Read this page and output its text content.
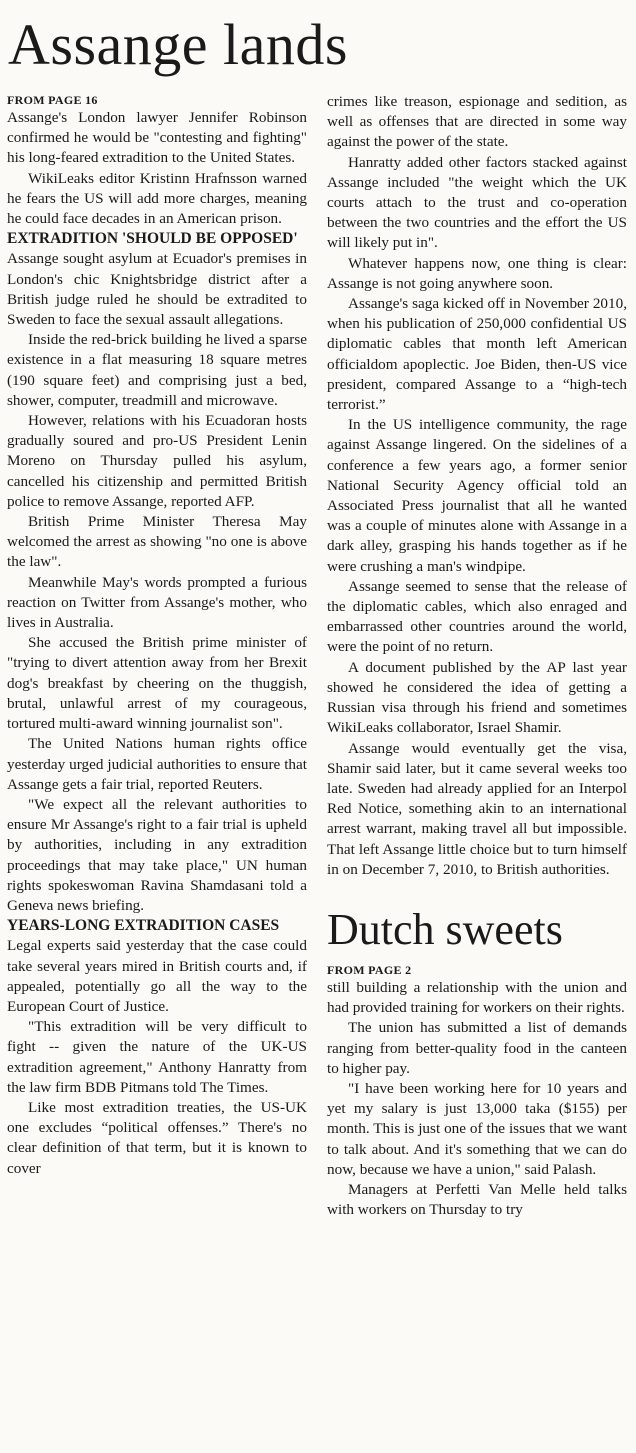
Assange lands
FROM PAGE 16

Assange's London lawyer Jennifer Robinson confirmed he would be "contesting and fighting" his long-feared extradition to the United States.

WikiLeaks editor Kristinn Hrafnsson warned he fears the US will add more charges, meaning he could face decades in an American prison.

EXTRADITION 'SHOULD BE OPPOSED'

Assange sought asylum at Ecuador's premises in London's chic Knightsbridge district after a British judge ruled he should be extradited to Sweden to face the sexual assault allegations.

Inside the red-brick building he lived a sparse existence in a flat measuring 18 square metres (190 square feet) and comprising just a bed, shower, computer, treadmill and microwave.

However, relations with his Ecuadoran hosts gradually soured and pro-US President Lenin Moreno on Thursday pulled his asylum, cancelled his citizenship and permitted British police to remove Assange, reported AFP.

British Prime Minister Theresa May welcomed the arrest as showing "no one is above the law".

Meanwhile May's words prompted a furious reaction on Twitter from Assange's mother, who lives in Australia.

She accused the British prime minister of "trying to divert attention away from her Brexit dog's breakfast by cheering on the thuggish, brutal, unlawful arrest of my courageous, tortured multi-award winning journalist son".

The United Nations human rights office yesterday urged judicial authorities to ensure that Assange gets a fair trial, reported Reuters.

"We expect all the relevant authorities to ensure Mr Assange's right to a fair trial is upheld by authorities, including in any extradition proceedings that may take place," UN human rights spokeswoman Ravina Shamdasani told a Geneva news briefing.

YEARS-LONG EXTRADITION CASES

Legal experts said yesterday that the case could take several years mired in British courts and, if appealed, potentially go all the way to the European Court of Justice.

"This extradition will be very difficult to fight -- given the nature of the UK-US extradition agreement," Anthony Hanratty from the law firm BDB Pitmans told The Times.

Like most extradition treaties, the US-UK one excludes “political offenses.” There's no clear definition of that term, but it is known to cover

crimes like treason, espionage and sedition, as well as offenses that are directed in some way against the power of the state.

Hanratty added other factors stacked against Assange included "the weight which the UK courts attach to the trust and co-operation between the two countries and the effort the US will likely put in".

Whatever happens now, one thing is clear: Assange is not going anywhere soon.

Assange's saga kicked off in November 2010, when his publication of 250,000 confidential US diplomatic cables that month left American officialdom apoplectic. Joe Biden, then-US vice president, compared Assange to a “high-tech terrorist.”

In the US intelligence community, the rage against Assange lingered. On the sidelines of a conference a few years ago, a former senior National Security Agency official told an Associated Press journalist that all he wanted was a couple of minutes alone with Assange in a dark alley, grasping his hands together as if he were crushing a man's windpipe.

Assange seemed to sense that the release of the diplomatic cables, which also enraged and embarrassed other countries around the world, were the point of no return.

A document published by the AP last year showed he considered the idea of getting a Russian visa through his friend and sometimes WikiLeaks collaborator, Israel Shamir.

Assange would eventually get the visa, Shamir said later, but it came several weeks too late. Sweden had already applied for an Interpol Red Notice, something akin to an international arrest warrant, making travel all but impossible. That left Assange little choice but to turn himself in on December 7, 2010, to British authorities.

Dutch sweets
FROM PAGE 2

still building a relationship with the union and had provided training for workers on their rights.

The union has submitted a list of demands ranging from better-quality food in the canteen to higher pay.

"I have been working here for 10 years and yet my salary is just 13,000 taka ($155) per month. This is just one of the issues that we want to talk about. And it's something that we can do now, because we have a union," said Palash.

Managers at Perfetti Van Melle held talks with workers on Thursday to try
